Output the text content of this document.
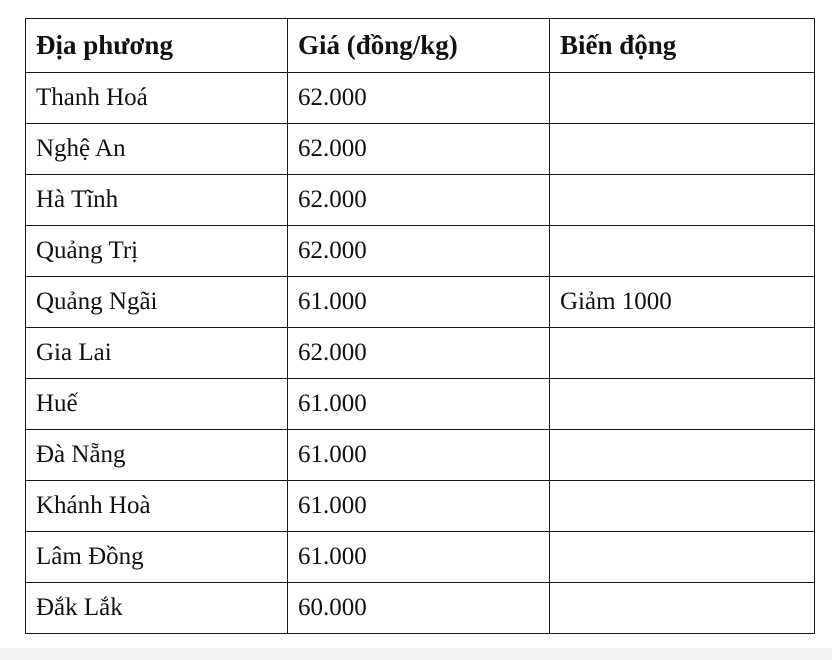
Địa phương	Giá (đồng/kg)	Biến động
Thanh Hoá	62.000	
Nghệ An	62.000	
Hà Tĩnh	62.000	
Quảng Trị	62.000	
Quảng Ngãi	61.000	Giảm 1000
Gia Lai	62.000	
Huế	61.000	
Đà Nẵng	61.000	
Khánh Hoà	61.000	
Lâm Đồng	61.000	
Đắk Lắk	60.000	
